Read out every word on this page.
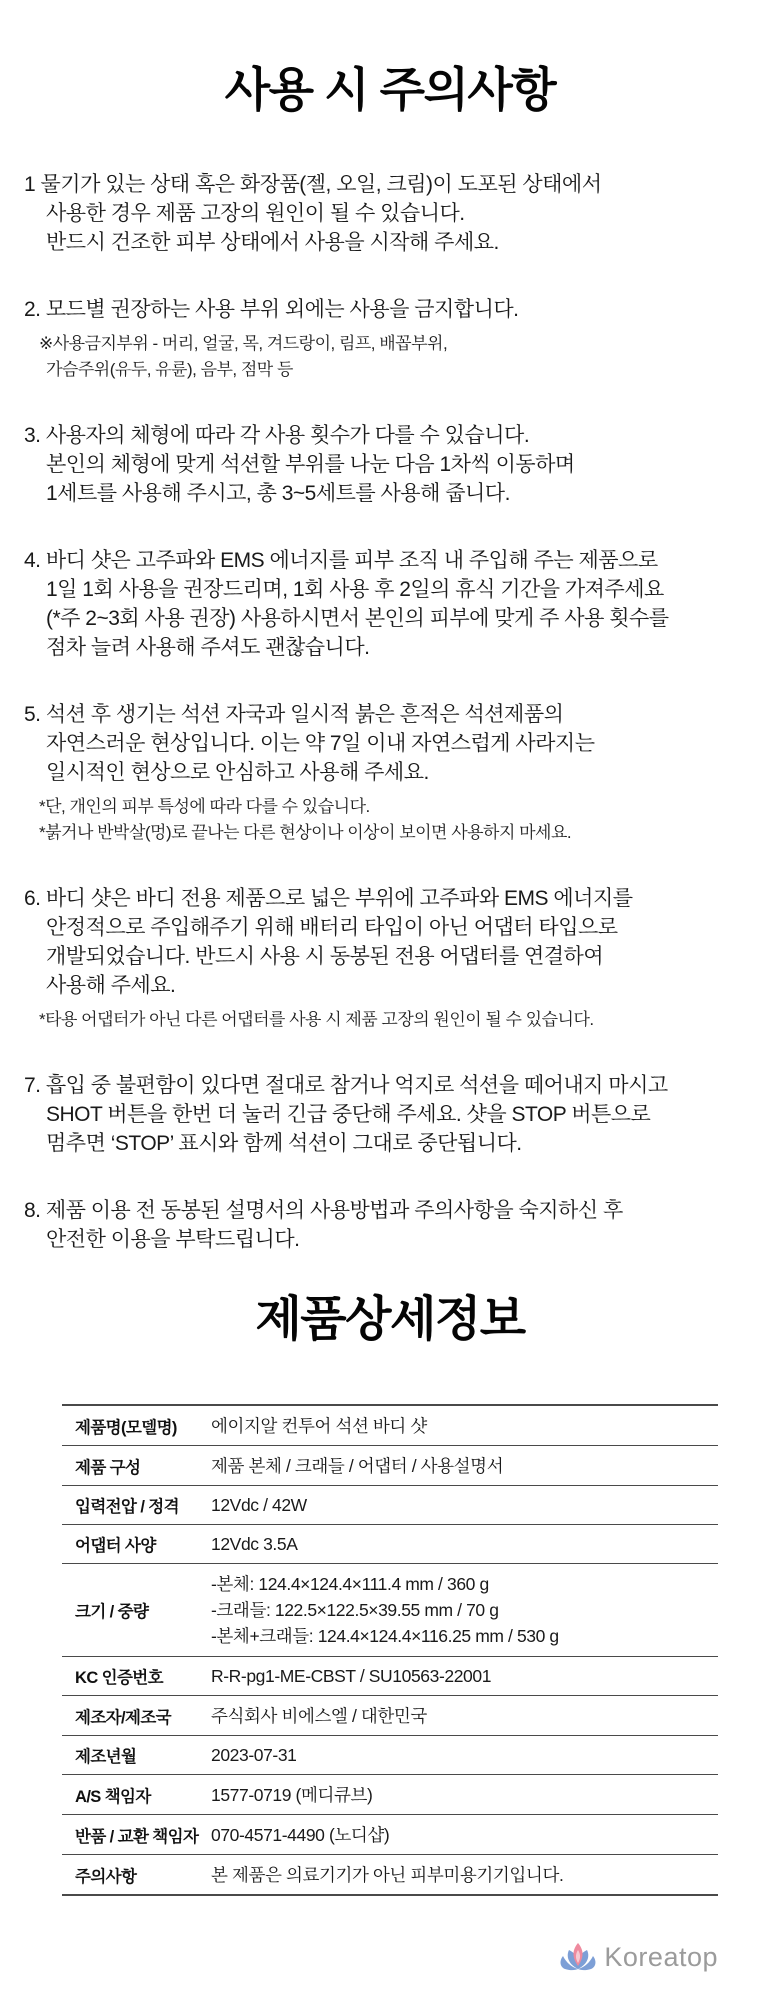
사용 시 주의사항
1 물기가 있는 상태 혹은 화장품(젤, 오일, 크림)이 도포된 상태에서
사용한 경우 제품 고장의 원인이 될 수 있습니다.
반드시 건조한 피부 상태에서 사용을 시작해 주세요.
2. 모드별 권장하는 사용 부위 외에는 사용을 금지합니다.
※사용금지부위 - 머리, 얼굴, 목, 겨드랑이, 림프, 배꼽부위,
가슴주위(유두, 유륜), 음부, 점막 등
3. 사용자의 체형에 따라 각 사용 횟수가 다를 수 있습니다.
본인의 체형에 맞게 석션할 부위를 나눈 다음 1차씩 이동하며
1세트를 사용해 주시고, 총 3~5세트를 사용해 줍니다.
4. 바디 샷은 고주파와 EMS 에너지를 피부 조직 내 주입해 주는 제품으로
1일 1회 사용을 권장드리며, 1회 사용 후 2일의 휴식 기간을 가져주세요
(*주 2~3회 사용 권장) 사용하시면서 본인의 피부에 맞게 주 사용 횟수를
점차 늘려 사용해 주셔도 괜찮습니다.
5. 석션 후 생기는 석션 자국과 일시적 붉은 흔적은 석션제품의
자연스러운 현상입니다. 이는 약 7일 이내 자연스럽게 사라지는
일시적인 현상으로 안심하고 사용해 주세요.
*단, 개인의 피부 특성에 따라 다를 수 있습니다.
*붉거나 반박살(멍)로 끝나는 다른 현상이나 이상이 보이면 사용하지 마세요.
6. 바디 샷은 바디 전용 제품으로 넓은 부위에 고주파와 EMS 에너지를
안정적으로 주입해주기 위해 배터리 타입이 아닌 어댑터 타입으로
개발되었습니다. 반드시 사용 시 동봉된 전용 어댑터를 연결하여
사용해 주세요.
*타용 어댑터가 아닌 다른 어댑터를 사용 시 제품 고장의 원인이 될 수 있습니다.
7. 흡입 중 불편함이 있다면 절대로 참거나 억지로 석션을 떼어내지 마시고
SHOT 버튼을 한번 더 눌러 긴급 중단해 주세요. 샷을 STOP 버튼으로
멈추면 ‘STOP’ 표시와 함께 석션이 그대로 중단됩니다.
8. 제품 이용 전 동봉된 설명서의 사용방법과 주의사항을 숙지하신 후
안전한 이용을 부탁드립니다.
제품상세정보
제품명(모델명)	에이지알 컨투어 석션 바디 샷
제품 구성	제품 본체 / 크래들 / 어댑터 / 사용설명서
입력전압 / 정격	12Vdc / 42W
어댑터 사양	12Vdc 3.5A
크기 / 중량	-본체: 124.4×124.4×111.4 mm / 360 g
-크래들: 122.5×122.5×39.55 mm / 70 g
-본체+크래들: 124.4×124.4×116.25 mm / 530 g

KC 인증번호	R-R-pg1-ME-CBST / SU10563-22001
제조자/제조국	주식회사 비에스엘 / 대한민국
제조년월	2023-07-31
A/S 책임자	1577-0719 (메디큐브)
반품 / 교환 책임자	070-4571-4490 (노디샵)
주의사항	본 제품은 의료기기가 아닌 피부미용기기입니다.
Koreatop
